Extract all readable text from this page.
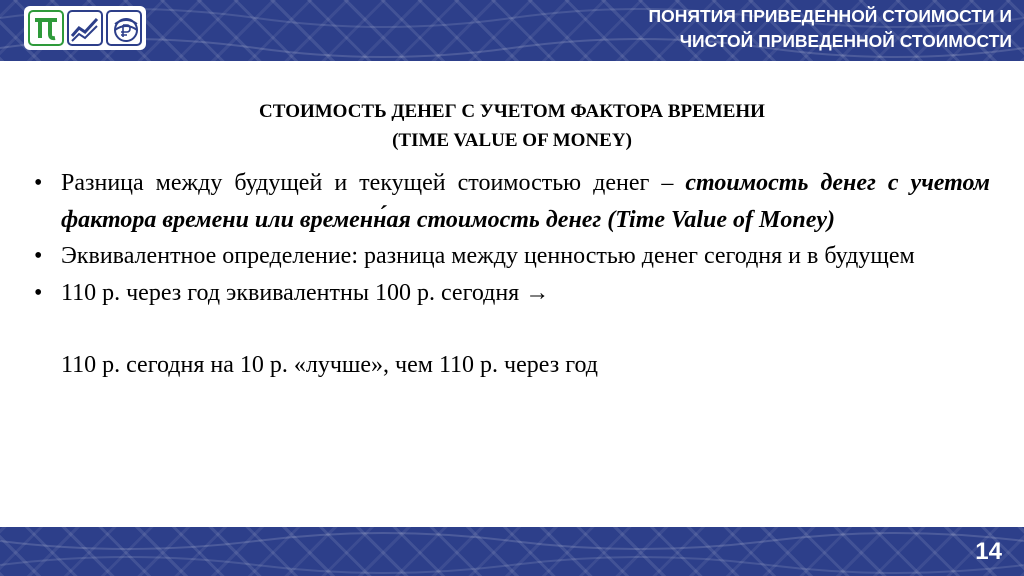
ПОНЯТИЯ ПРИВЕДЕННОЙ СТОИМОСТИ И
ЧИСТОЙ ПРИВЕДЕННОЙ СТОИМОСТИ
СТОИМОСТЬ ДЕНЕГ С УЧЕТОМ ФАКТОРА ВРЕМЕНИ
(TIME VALUE OF MONEY)
• Разница между будущей и текущей стоимостью денег – стоимость денег с учетом фактора времени или временн́ая стоимость денег (Time Value of Money)
• Эквивалентное определение: разница между ценностью денег сегодня и в будущем
• 110 р. через год эквивалентны 100 р. сегодня →
110 р. сегодня на 10 р. «лучше», чем 110 р. через год
14
